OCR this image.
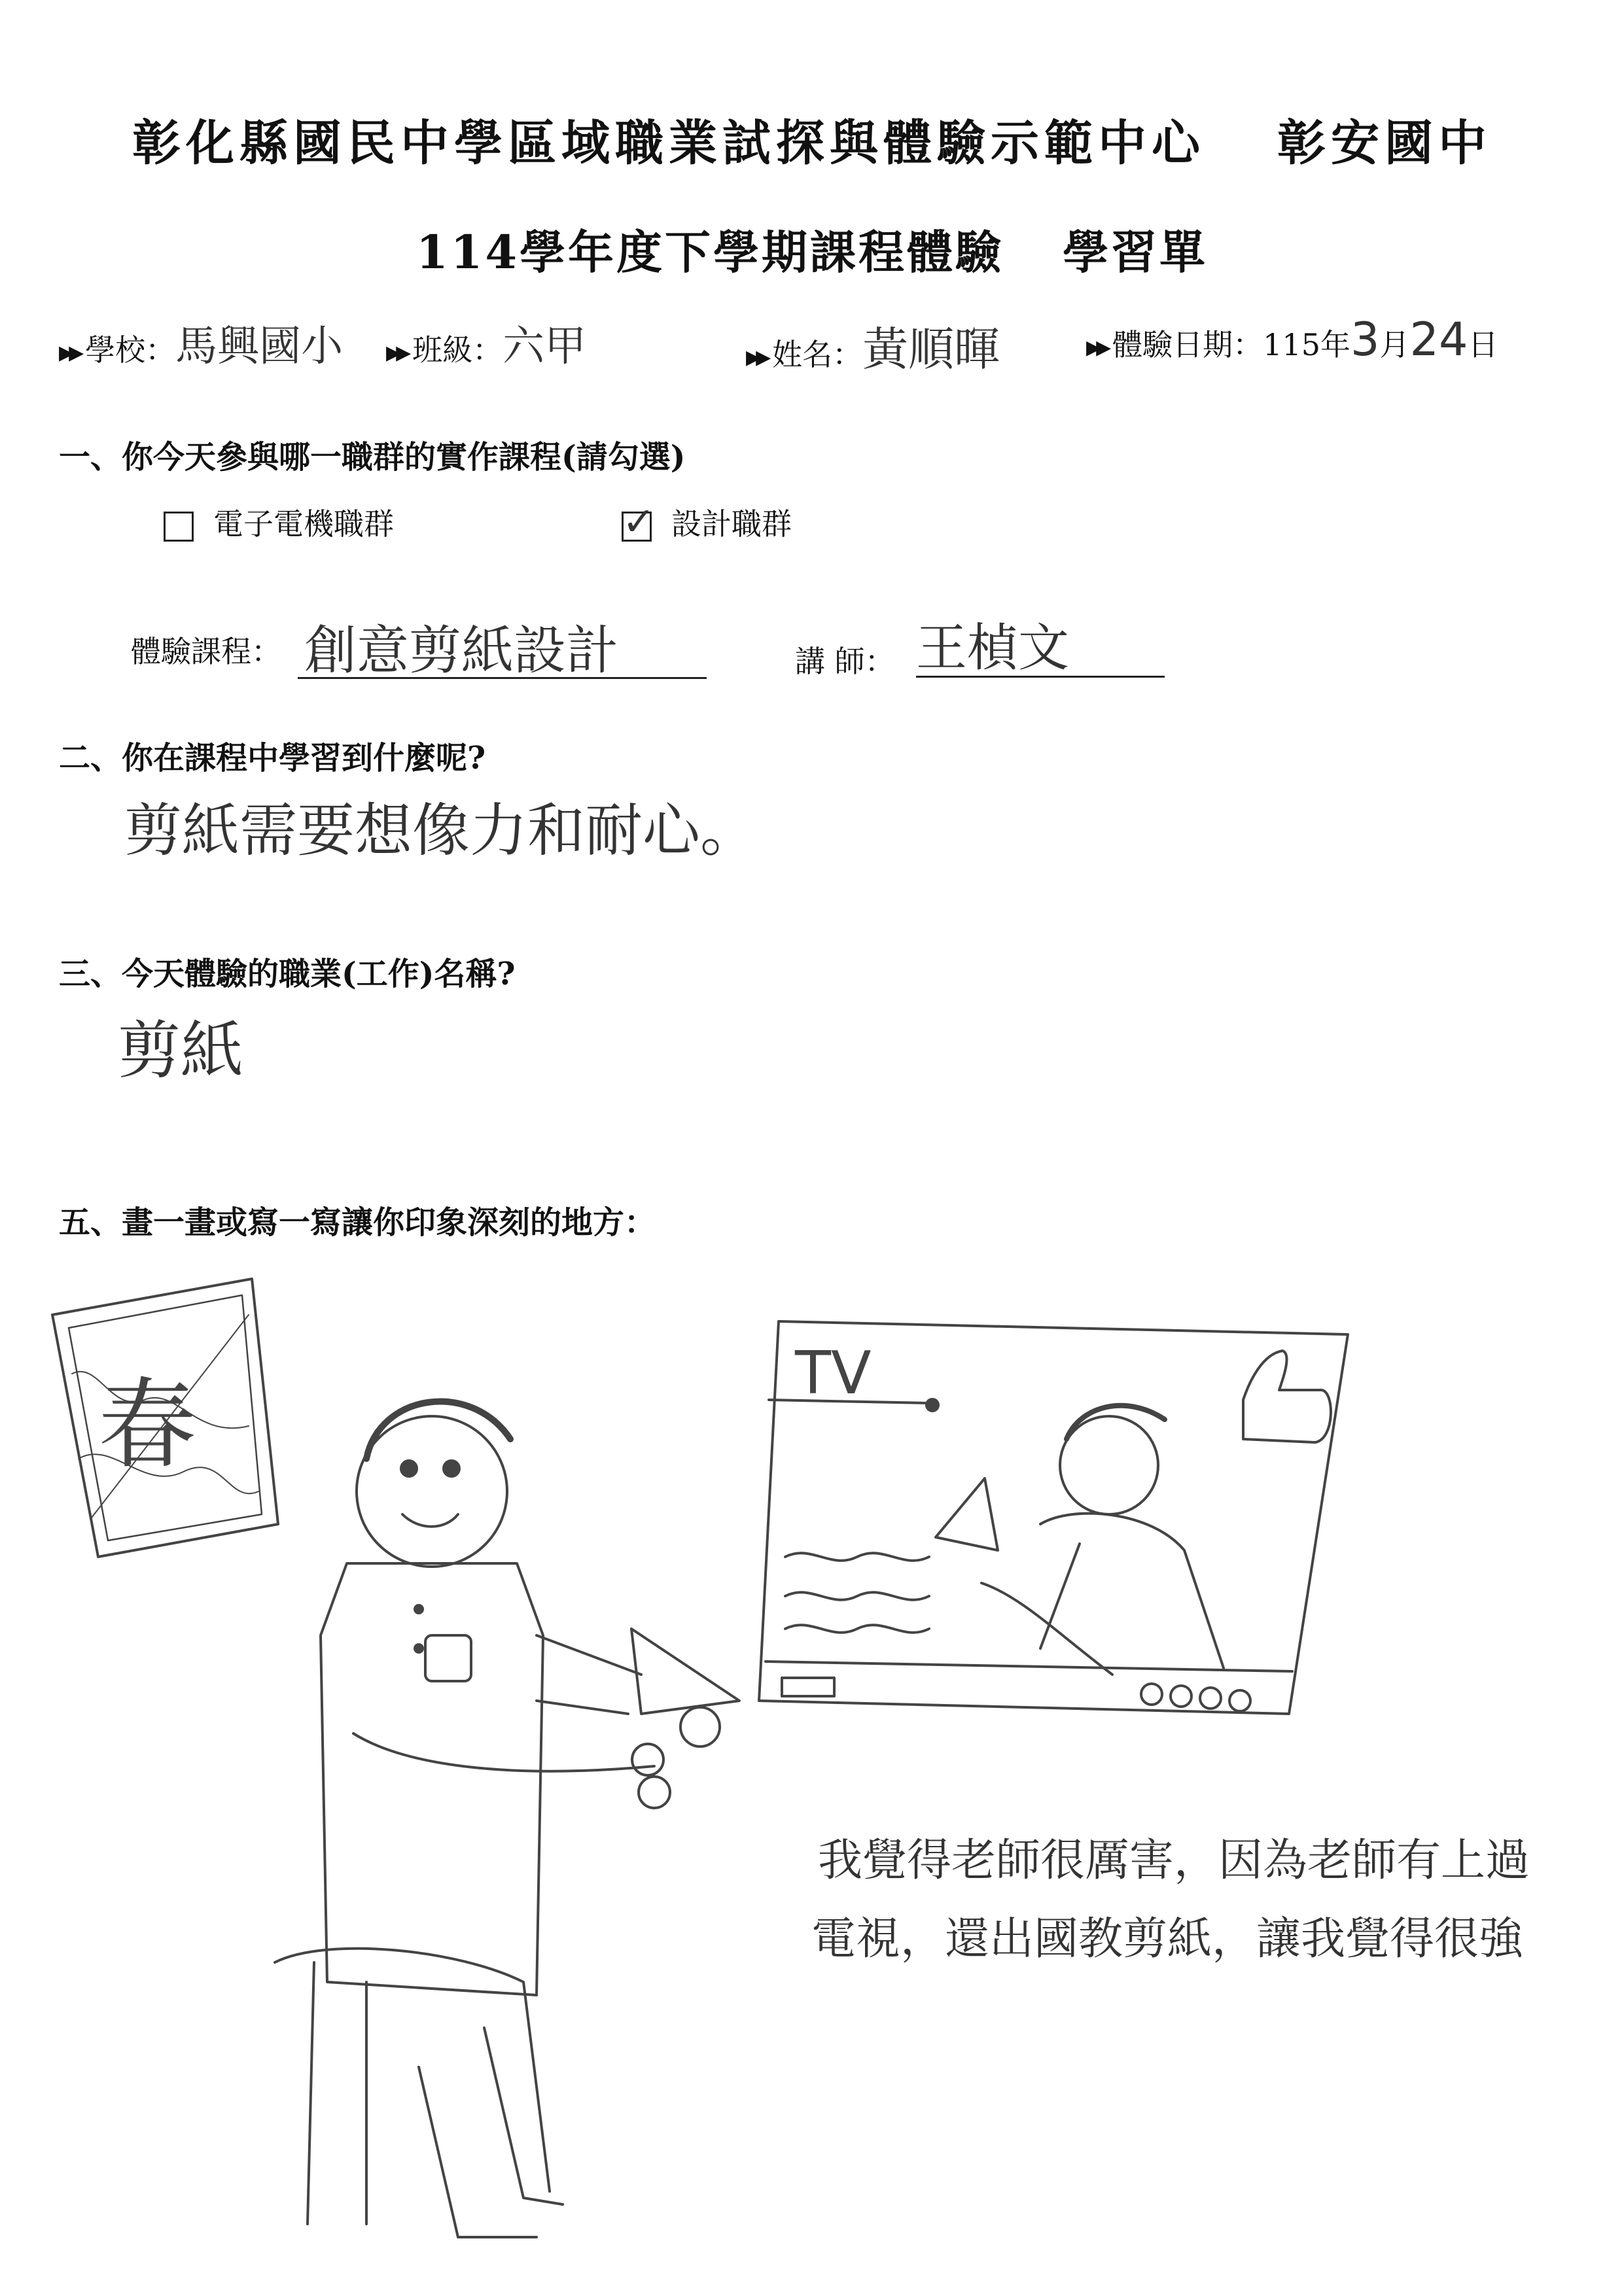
彰化縣國民中學區域職業試探與體驗示範中心 彰安國中
114學年度下學期課程體驗 學習單
▶▶ 學校：馬興國小 ▶▶ 班級：六甲	▶▶ 姓名：黃順暉	▶▶ 體驗日期：115年3月24日
一、你今天參與哪一職群的實作課程(請勾選)
電子電機職群	✓ 設計職群
體驗課程： 創意剪紙設計	講 師： 王楨文
二、你在課程中學習到什麼呢?
剪紙需要想像力和耐心。
三、今天體驗的職業(工作)名稱?
剪紙
五、畫一畫或寫一寫讓你印象深刻的地方：
春	TV
我覺得老師很厲害，因為老師有上過
電視，還出國教剪紙，讓我覺得很強
